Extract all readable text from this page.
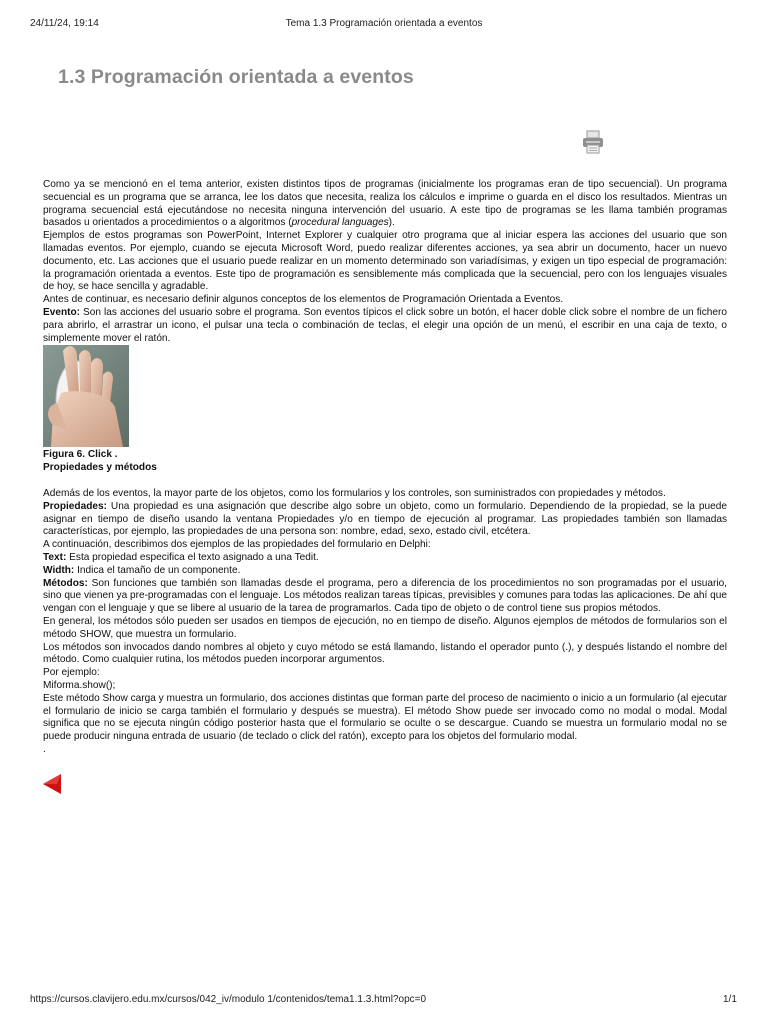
24/11/24, 19:14	Tema 1.3 Programación orientada a eventos
1.3 Programación orientada a eventos

Como ya se mencionó en el tema anterior, existen distintos tipos de programas (inicialmente los programas eran de tipo secuencial). Un programa secuencial es un programa que se arranca, lee los datos que necesita, realiza los cálculos e imprime o guarda en el disco los resultados. Mientras un programa secuencial está ejecutándose no necesita ninguna intervención del usuario. A este tipo de programas se les llama también programas basados u orientados a procedimientos o a algoritmos (procedural languages).

Ejemplos de estos programas son PowerPoint, Internet Explorer y cualquier otro programa que al iniciar espera las acciones del usuario que son llamadas eventos. Por ejemplo, cuando se ejecuta Microsoft Word, puedo realizar diferentes acciones, ya sea abrir un documento, hacer un nuevo documento, etc. Las acciones que el usuario puede realizar en un momento determinado son variadísimas, y exigen un tipo especial de programación: la programación orientada a eventos. Este tipo de programación es sensiblemente más complicada que la secuencial, pero con los lenguajes visuales de hoy, se hace sencilla y agradable.

Antes de continuar, es necesario definir algunos conceptos de los elementos de Programación Orientada a Eventos.

Evento: Son las acciones del usuario sobre el programa. Son eventos típicos el click sobre un botón, el hacer doble click sobre el nombre de un fichero para abrirlo, el arrastrar un icono, el pulsar una tecla o combinación de teclas, el elegir una opción de un menú, el escribir en una caja de texto, o simplemente mover el ratón.

Figura 6. Click .

Propiedades y métodos

Además de los eventos, la mayor parte de los objetos, como los formularios y los controles, son suministrados con propiedades y métodos.

Propiedades: Una propiedad es una asignación que describe algo sobre un objeto, como un formulario. Dependiendo de la propiedad, se la puede asignar en tiempo de diseño usando la ventana Propiedades y/o en tiempo de ejecución al programar. Las propiedades también son llamadas características, por ejemplo, las propiedades de una persona son: nombre, edad, sexo, estado civil, etcétera.

A continuación, describimos dos ejemplos de las propiedades del formulario en Delphi:

Text: Esta propiedad especifica el texto asignado a una Tedit.

Width: Indica el tamaño de un componente.

Métodos: Son funciones que también son llamadas desde el programa, pero a diferencia de los procedimientos no son programadas por el usuario, sino que vienen ya pre-programadas con el lenguaje. Los métodos realizan tareas típicas, previsibles y comunes para todas las aplicaciones. De ahí que vengan con el lenguaje y que se libere al usuario de la tarea de programarlos. Cada tipo de objeto o de control tiene sus propios métodos.

En general, los métodos sólo pueden ser usados en tiempos de ejecución, no en tiempo de diseño. Algunos ejemplos de métodos de formularios son el método SHOW, que muestra un formulario.

Los métodos son invocados dando nombres al objeto y cuyo método se está llamando, listando el operador punto (.), y después listando el nombre del método. Como cualquier rutina, los métodos pueden incorporar argumentos.

Por ejemplo:

Miforma.show();

Este método Show carga y muestra un formulario, dos acciones distintas que forman parte del proceso de nacimiento o inicio a un formulario (al ejecutar el formulario de inicio se carga también el formulario y después se muestra). El método Show puede ser invocado como no modal o modal. Modal significa que no se ejecuta ningún código posterior hasta que el formulario se oculte o se descargue. Cuando se muestra un formulario modal no se puede producir ninguna entrada de usuario (de teclado o click del ratón), excepto para los objetos del formulario modal.

.

https://cursos.clavijero.edu.mx/cursos/042_iv/modulo 1/contenidos/tema1.1.3.html?opc=0	1/1
